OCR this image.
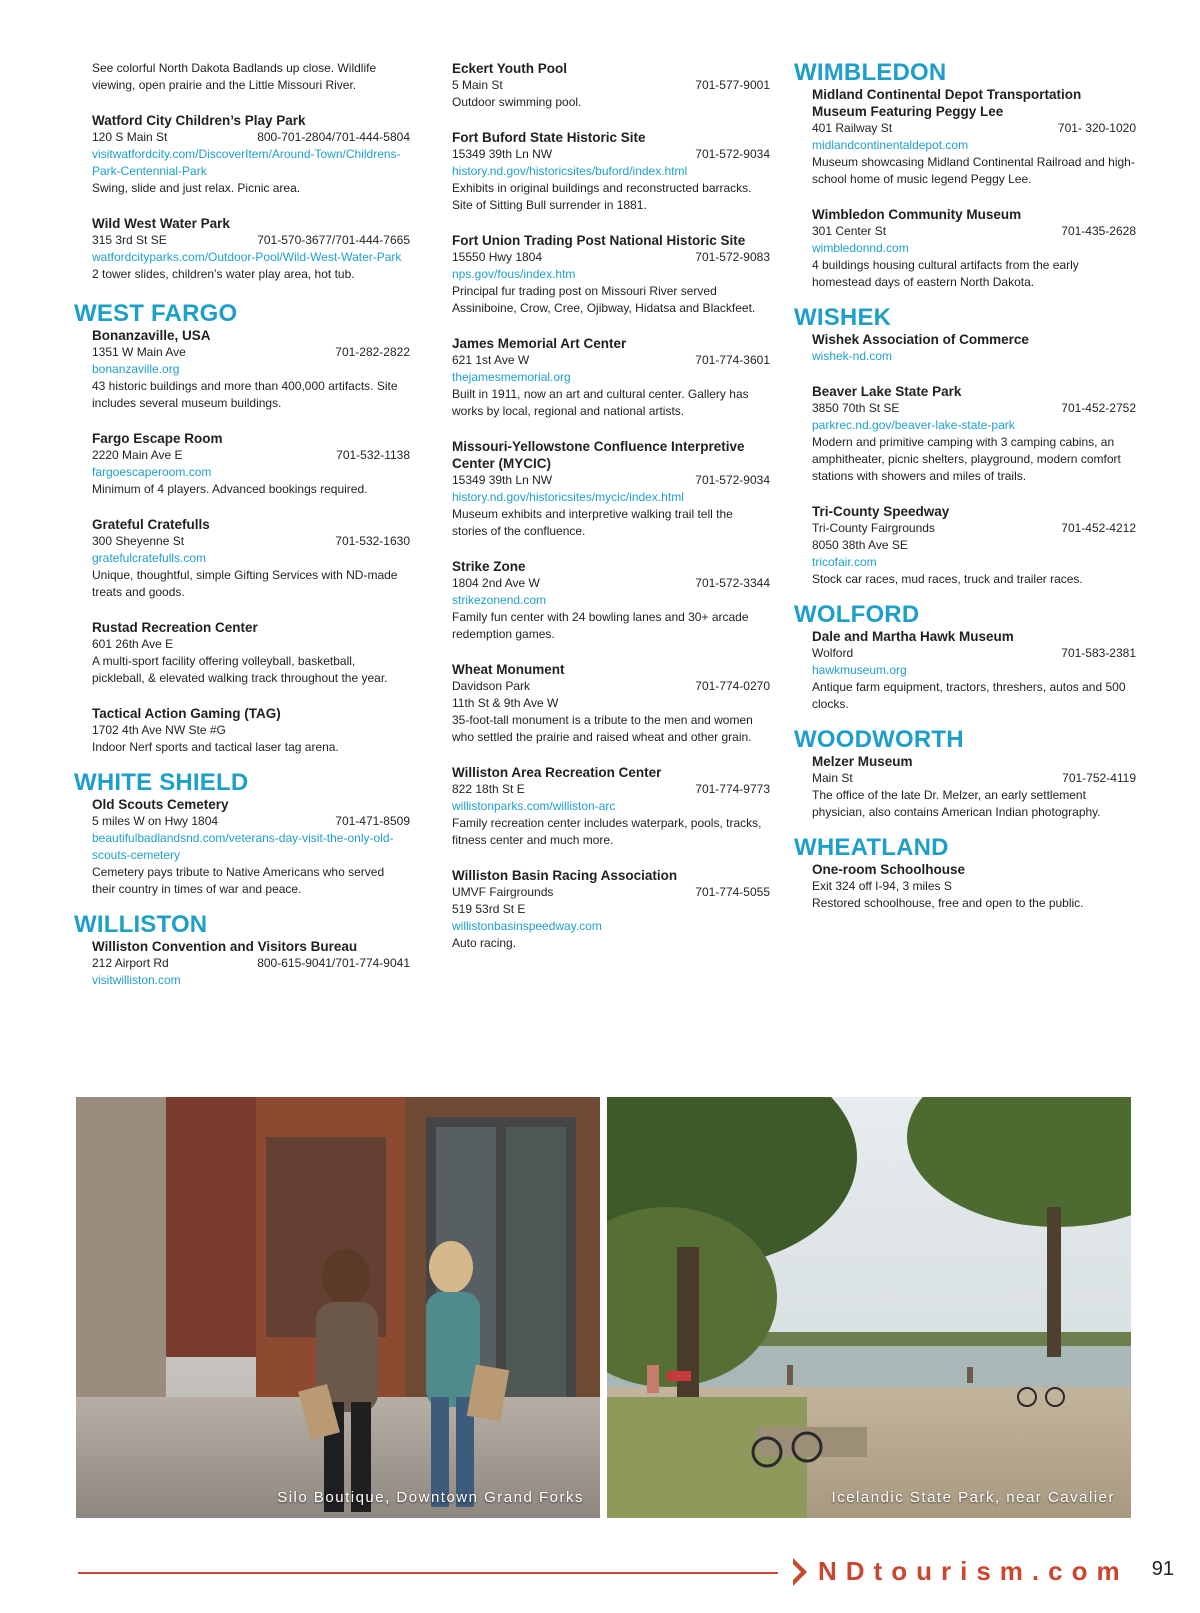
See colorful North Dakota Badlands up close. Wildlife viewing, open prairie and the Little Missouri River.
Watford City Children’s Play Park
120 S Main St	800-701-2804/701-444-5804
visitwatfordcity.com/DiscoverItem/Around-Town/Childrens-Park-Centennial-Park
Swing, slide and just relax. Picnic area.
Wild West Water Park
315 3rd St SE	701-570-3677/701-444-7665
watfordcityparks.com/Outdoor-Pool/Wild-West-Water-Park
2 tower slides, children’s water play area, hot tub.
WEST FARGO
Bonanzaville, USA
1351 W Main Ave	701-282-2822
bonanzaville.org
43 historic buildings and more than 400,000 artifacts. Site includes several museum buildings.
Fargo Escape Room
2220 Main Ave E	701-532-1138
fargoescaperoom.com
Minimum of 4 players. Advanced bookings required.
Grateful Cratefulls
300 Sheyenne St	701-532-1630
gratefulcratefulls.com
Unique, thoughtful, simple Gifting Services with ND-made treats and goods.
Rustad Recreation Center
601 26th Ave E
A multi-sport facility offering volleyball, basketball, pickleball, & elevated walking track throughout the year.
Tactical Action Gaming (TAG)
1702 4th Ave NW Ste #G
Indoor Nerf sports and tactical laser tag arena.
WHITE SHIELD
Old Scouts Cemetery
5 miles W on Hwy 1804	701-471-8509
beautifulbadlandsnd.com/veterans-day-visit-the-only-old-scouts-cemetery
Cemetery pays tribute to Native Americans who served their country in times of war and peace.
WILLISTON
Williston Convention and Visitors Bureau
212 Airport Rd	800-615-9041/701-774-9041
visitwilliston.com
Eckert Youth Pool
5 Main St	701-577-9001
Outdoor swimming pool.
Fort Buford State Historic Site
15349 39th Ln NW	701-572-9034
history.nd.gov/historicsites/buford/index.html
Exhibits in original buildings and reconstructed barracks. Site of Sitting Bull surrender in 1881.
Fort Union Trading Post National Historic Site
15550 Hwy 1804	701-572-9083
nps.gov/fous/index.htm
Principal fur trading post on Missouri River served Assiniboine, Crow, Cree, Ojibway, Hidatsa and Blackfeet.
James Memorial Art Center
621 1st Ave W	701-774-3601
thejamesmemorial.org
Built in 1911, now an art and cultural center. Gallery has works by local, regional and national artists.
Missouri-Yellowstone Confluence Interpretive Center (MYCIC)
15349 39th Ln NW	701-572-9034
history.nd.gov/historicsites/mycic/index.html
Museum exhibits and interpretive walking trail tell the stories of the confluence.
Strike Zone
1804 2nd Ave W	701-572-3344
strikezonend.com
Family fun center with 24 bowling lanes and 30+ arcade redemption games.
Wheat Monument
Davidson Park	701-774-0270
11th St & 9th Ave W
35-foot-tall monument is a tribute to the men and women who settled the prairie and raised wheat and other grain.
Williston Area Recreation Center
822 18th St E	701-774-9773
willistonparks.com/williston-arc
Family recreation center includes waterpark, pools, tracks, fitness center and much more.
Williston Basin Racing Association
UMVF Fairgrounds	701-774-5055
519 53rd St E
willistonbasinspeedway.com
Auto racing.
WIMBLEDON
Midland Continental Depot Transportation Museum Featuring Peggy Lee
401 Railway St	701- 320-1020
midlandcontinentaldepot.com
Museum showcasing Midland Continental Railroad and high-school home of music legend Peggy Lee.
Wimbledon Community Museum
301 Center St	701-435-2628
wimbledonnd.com
4 buildings housing cultural artifacts from the early homestead days of eastern North Dakota.
WISHEK
Wishek Association of Commerce
wishek-nd.com
Beaver Lake State Park
3850 70th St SE	701-452-2752
parkrec.nd.gov/beaver-lake-state-park
Modern and primitive camping with 3 camping cabins, an amphitheater, picnic shelters, playground, modern comfort stations with showers and miles of trails.
Tri-County Speedway
Tri-County Fairgrounds	701-452-4212
8050 38th Ave SE
tricofair.com
Stock car races, mud races, truck and trailer races.
WOLFORD
Dale and Martha Hawk Museum
Wolford	701-583-2381
hawkmuseum.org
Antique farm equipment, tractors, threshers, autos and 500 clocks.
WOODWORTH
Melzer Museum
Main St	701-752-4119
The office of the late Dr. Melzer, an early settlement physician, also contains American Indian photography.
WHEATLAND
One-room Schoolhouse
Exit 324 off I-94, 3 miles S
Restored schoolhouse, free and open to the public.
Silo Boutique, Downtown Grand Forks	Icelandic State Park, near Cavalier
NDtourism.com 91
